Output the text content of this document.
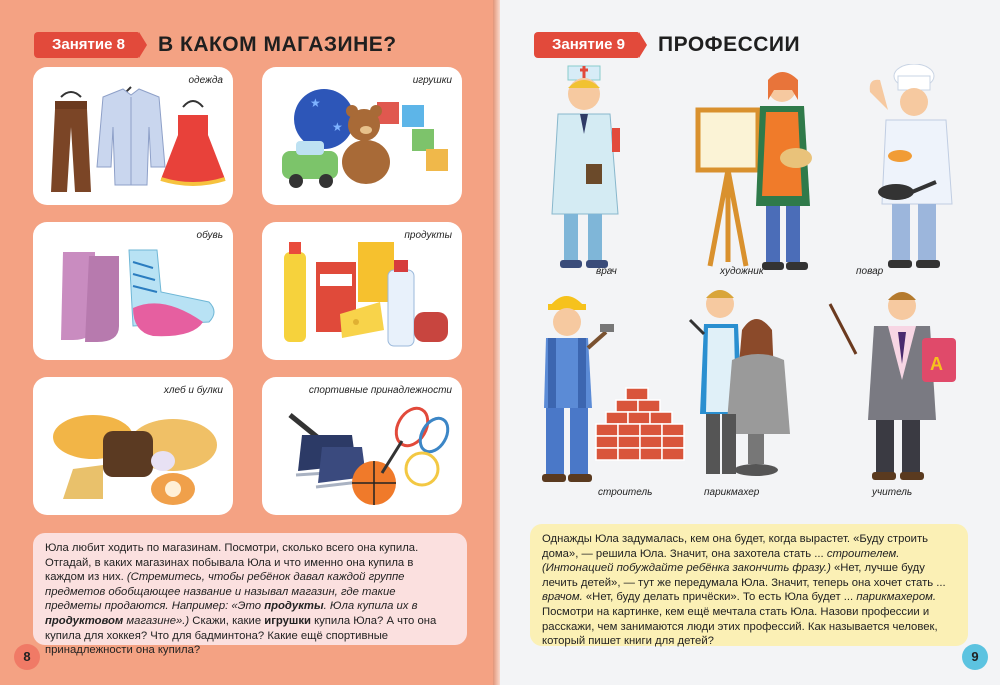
Занятие 8	В КАКОМ МАГАЗИНЕ?
одежда
★
★
игрушки
обувь	продукты
хлеб и булки	спортивные принадлежности
Юла любит ходить по магазинам. Посмотри, сколько всего она купила. Отгадай, в каких магазинах побывала Юла и что именно она купила в каждом из них. (Стремитесь, чтобы ребёнок давал каждой группе предметов обобщающее название и называл магазин, где такие предметы продаются. Например: «Это продукты. Юла купила их в продуктовом магазине».) Скажи, какие игрушки купила Юла? А что она купила для хоккея? Что для бадминтона? Какие ещё спортивные принадлежности она купила?
8
Занятие 9	ПРОФЕССИИ
врач	художник	повар
строитель	парикмахер
A
учитель
Однажды Юла задумалась, кем она будет, когда вырастет. «Буду строить дома», — решила Юла. Значит, она захотела стать ... строителем. (Интонацией побуждайте ребёнка закончить фразу.) «Нет, лучше буду лечить детей», — тут же передумала Юла. Значит, теперь она хочет стать ... врачом. «Нет, буду делать причёски». То есть Юла будет ... парикмахером. Посмотри на картинке, кем ещё мечтала стать Юла. Назови профессии и расскажи, чем занимаются люди этих профессий. Как называется человек, который пишет книги для детей?
9
